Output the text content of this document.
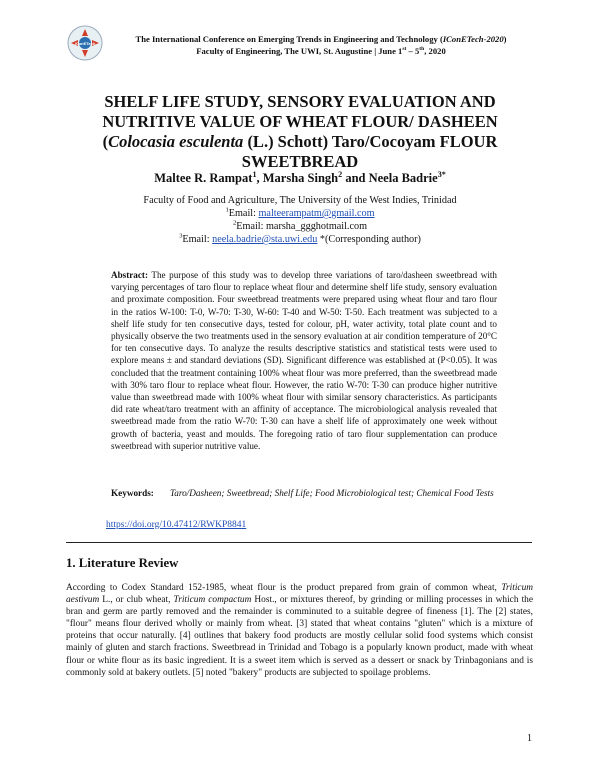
IConETech	The International Conference on Emerging Trends in Engineering and Technology (IConETech-2020)
Faculty of Engineering, The UWI, St. Augustine | June 1st – 5th, 2020
SHELF LIFE STUDY, SENSORY EVALUATION AND
NUTRITIVE VALUE OF WHEAT FLOUR/ DASHEEN
(Colocasia esculenta (L.) Schott) Taro/Cocoyam FLOUR
SWEETBREAD
Maltee R. Rampat$^1$, Marsha Singh$^2$ and Neela Badrie$^{3*}$
Faculty of Food and Agriculture, The University of the West Indies, Trinidad
$^1$Email: malteerampatm@gmail.com
$^2$Email: marsha_ggghotmail.com
$^3$Email: neela.badrie@sta.uwi.edu *(Corresponding author)
Abstract: The purpose of this study was to develop three variations of taro/dasheen sweetbread with varying percentages of taro flour to replace wheat flour and determine shelf life study, sensory evaluation and proximate composition. Four sweetbread treatments were prepared using wheat flour and taro flour in the ratios W-100: T-0, W-70: T-30, W-60: T-40 and W-50: T-50. Each treatment was subjected to a shelf life study for ten consecutive days, tested for colour, pH, water activity, total plate count and to physically observe the two treatments used in the sensory evaluation at air condition temperature of 20°C for ten consecutive days. To analyze the results descriptive statistics and statistical tests were used to explore means ± and standard deviations (SD). Significant difference was established at (P<0.05). It was concluded that the treatment containing 100% wheat flour was more preferred, than the sweetbread made with 30% taro flour to replace wheat flour. However, the ratio W-70: T-30 can produce higher nutritive value than sweetbread made with 100% wheat flour with similar sensory characteristics. As participants did rate wheat/taro treatment with an affinity of acceptance. The microbiological analysis revealed that sweetbread made from the ratio W-70: T-30 can have a shelf life of approximately one week without growth of bacteria, yeast and moulds. The foregoing ratio of taro flour supplementation can produce sweetbread with superior nutritive value.
Keywords:	Taro/Dasheen; Sweetbread; Shelf Life; Food Microbiological test; Chemical Food Tests
https://doi.org/10.47412/RWKP8841
1. Literature Review
According to Codex Standard 152-1985, wheat flour is the product prepared from grain of common wheat, Triticum aestivum L., or club wheat, Triticum compactum Host., or mixtures thereof, by grinding or milling processes in which the bran and germ are partly removed and the remainder is comminuted to a suitable degree of fineness [1]. The [2] states, "flour" means flour derived wholly or mainly from wheat. [3] stated that wheat contains "gluten" which is a mixture of proteins that occur naturally. [4] outlines that bakery food products are mostly cellular solid food systems which consist mainly of gluten and starch fractions. Sweetbread in Trinidad and Tobago is a popularly known product, made with wheat flour or white flour as its basic ingredient. It is a sweet item which is served as a dessert or snack by Trinbagonians and is commonly sold at bakery outlets. [5] noted "bakery" products are subjected to spoilage problems.
1
